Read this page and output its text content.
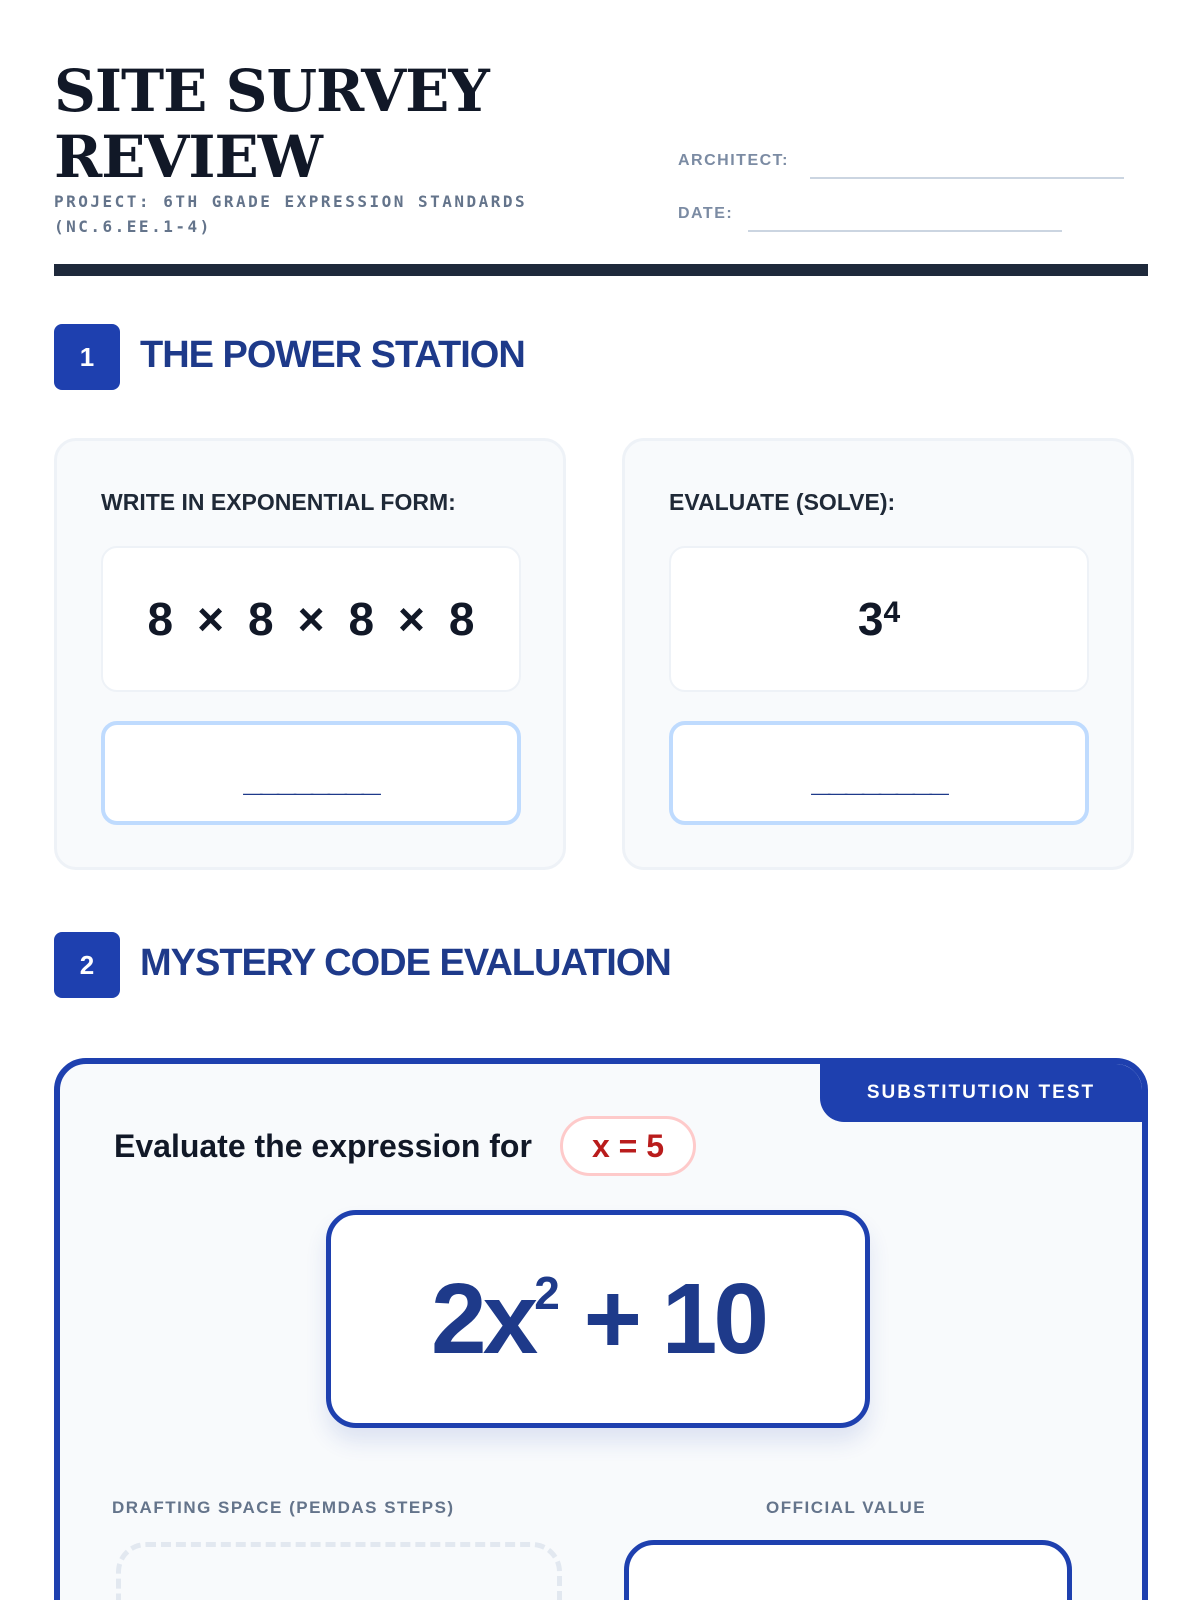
SITE SURVEY REVIEW
PROJECT: 6TH GRADE EXPRESSION STANDARDS (NC.6.EE.1-4)
ARCHITECT:
DATE:
1	THE POWER STATION
WRITE IN EXPONENTIAL FORM:
8 × 8 × 8 × 8
________
EVALUATE (SOLVE):
$3^4$
________
2	MYSTERY CODE EVALUATION
SUBSTITUTION TEST
Evaluate the expression for	x = 5
$2x^2 + 10$
DRAFTING SPACE (PEMDAS STEPS)	OFFICIAL VALUE
